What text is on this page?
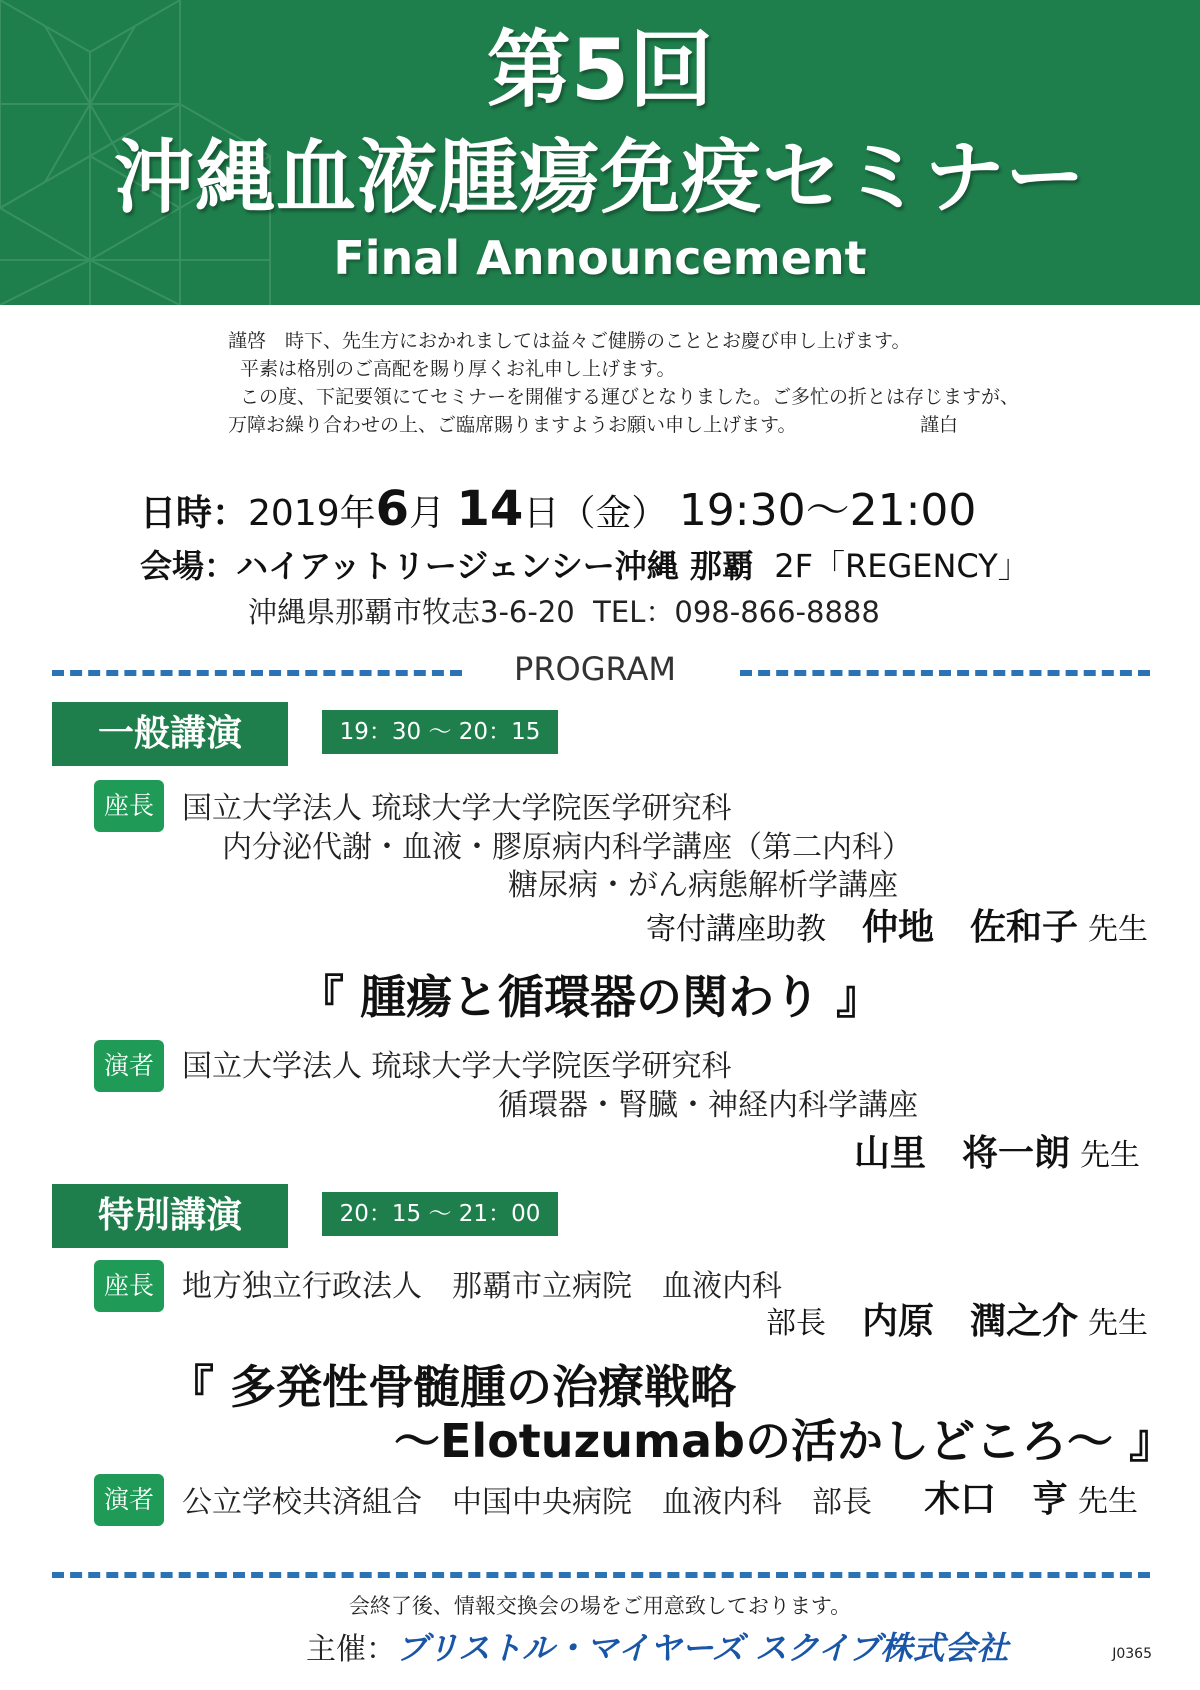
第5回
沖縄血液腫瘍免疫セミナー
Final Announcement
謹啓　時下、先生方におかれましては益々ご健勝のこととお慶び申し上げます。
平素は格別のご高配を賜り厚くお礼申し上げます。
この度、下記要領にてセミナーを開催する運びとなりました。ご多忙の折とは存じますが、
万障お繰り合わせの上、ご臨席賜りますようお願い申し上げます。	謹白
日時：2019年6月 14日（金） 19:30～21:00
会場：ハイアットリージェンシー沖縄 那覇 2F「REGENCY」
沖縄県那覇市牧志3-6-20 TEL：098-866-8888
PROGRAM
一般講演	19：30 ～ 20：15
座長 国立大学法人 琉球大学大学院医学研究科
内分泌代謝・血液・膠原病内科学講座（第二内科）
糖尿病・がん病態解析学講座
寄付講座助教 仲地　佐和子 先生
『 腫瘍と循環器の関わり 』
演者 国立大学法人 琉球大学大学院医学研究科
循環器・腎臓・神経内科学講座
山里　将一朗 先生
特別講演	20：15 ～ 21：00
座長 地方独立行政法人　那覇市立病院　血液内科
部長 内原　潤之介 先生
『 多発性骨髄腫の治療戦略
～Elotuzumabの活かしどころ～ 』
演者 公立学校共済組合　中国中央病院　血液内科　部長 木口　亨 先生
会終了後、情報交換会の場をご用意致しております。
主催：ブリストル・マイヤーズ スクイブ株式会社	J0365
